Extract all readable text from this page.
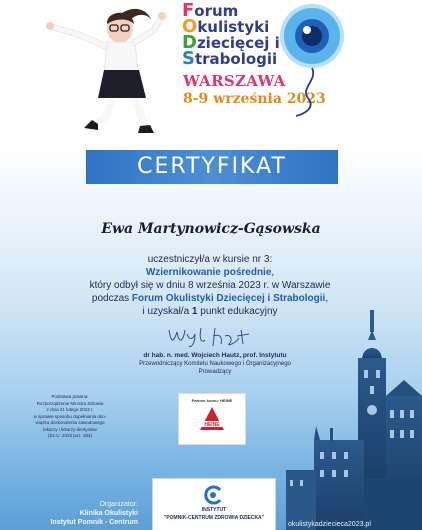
Forum
Okulistyki
Dziecięcej i
Strabologii
WARSZAWA
8-9 września 2023
CERTYFIKAT
Ewa Martynowicz-Gąsowska

uczestniczył/a w kursie nr 3:

Wziernikowanie pośrednie,

który odbył się w dniu 8 września 2023 r. w Warszawie

podczas Forum Okulistyki Dziecięcej i Strabologii,

i uzyskał/a 1 punkt edukacyjny

dr hab. n. med. Wojciech Hautz, prof. Instytutu
Przewodniczący Komitetu Naukowego i Organizacyjnego
Prowadzący
Partner kursu: HEINE
HEINE
Podstawa prawna:
Rozporządzenie Ministra Zdrowia
z dnia 21 lutego 2023 r.
w sprawie sposobu dopełniania obo-
wiązku doskonalenia zawodowego
lekarzy i lekarzy dentystów
(Dz.U. 2023 poz. 382)
Organizator:
Klinika Okulistyki
Instytut Pomnik - Centrum
INSTYTUT
"POMNIK-CENTRUM ZDROWIA DZIECKA"
okulistykadziecieca2023.pl
